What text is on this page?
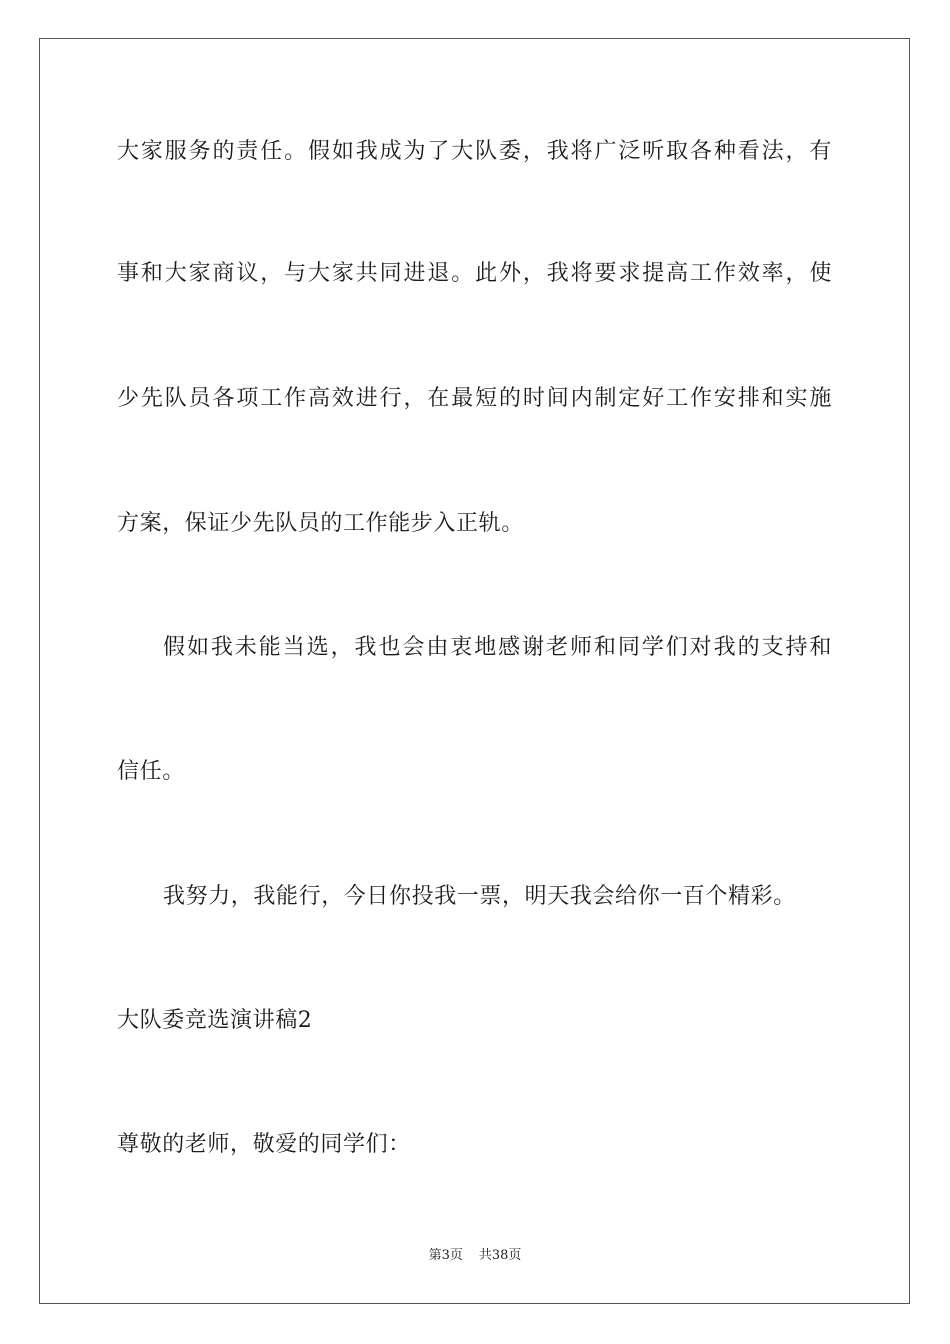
大家服务的责任。假如我成为了大队委，我将广泛听取各种看法，有
事和大家商议，与大家共同进退。此外，我将要求提高工作效率，使
少先队员各项工作高效进行，在最短的时间内制定好工作安排和实施
方案，保证少先队员的工作能步入正轨。
假如我未能当选，我也会由衷地感谢老师和同学们对我的支持和
信任。
我努力，我能行，今日你投我一票，明天我会给你一百个精彩。
大队委竞选演讲稿2
尊敬的老师，敬爱的同学们：
第3页 共38页
